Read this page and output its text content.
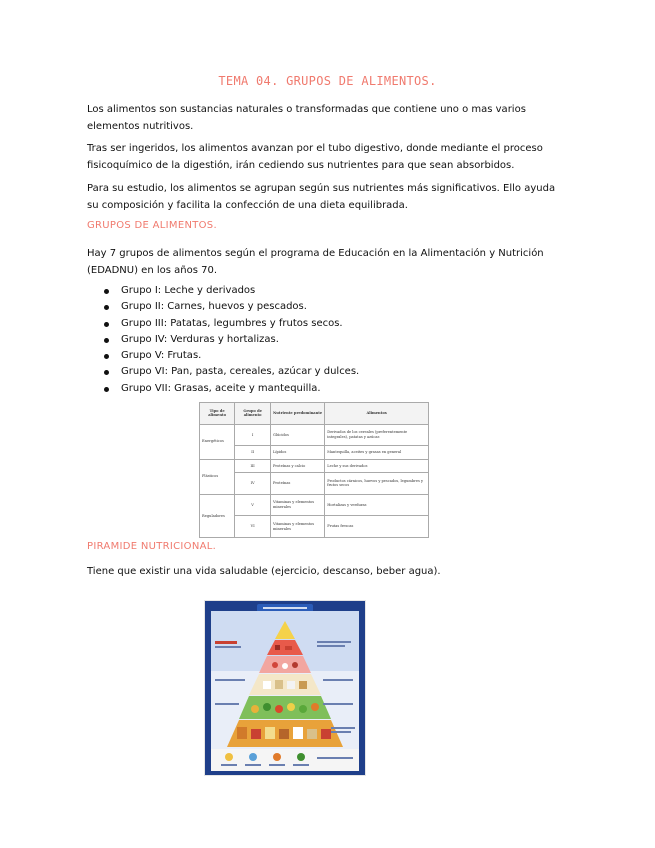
TEMA 04. GRUPOS DE ALIMENTOS.

Los alimentos son sustancias naturales o transformadas que contiene uno o mas varios elementos nutritivos.

Tras ser ingeridos, los alimentos avanzan por el tubo digestivo, donde mediante el proceso fisicoquímico de la digestión, irán cediendo sus nutrientes para que sean absorbidos.

Para su estudio, los alimentos se agrupan según sus nutrientes más significativos. Ello ayuda su composición y facilita la confección de una dieta equilibrada.

GRUPOS DE ALIMENTOS.

Hay 7 grupos de alimentos según el programa de Educación en la Alimentación y Nutrición (EDADNU) en los años 70.

Grupo I: Leche y derivados
Grupo II: Carnes, huevos y pescados.
Grupo III: Patatas, legumbres y frutos secos.
Grupo IV: Verduras y hortalizas.
Grupo V: Frutas.
Grupo VI: Pan, pasta, cereales, azúcar y dulces.
Grupo VII: Grasas, aceite y mantequilla.
Tipo de alimento	Grupo de alimento	Nutriente predominante	Alimentos
Energéticos	I	Glúcidos	Derivados de los cereales (preferentemente integrales), patatas y azúcar.
	II	Lípidos	Mantequilla, aceites y grasas en general
Plásticos	III	Proteínas y calcio	Leche y sus derivados
	IV	Proteínas	Productos cárnicos, huevos y pescados, legumbres y frutos secos
Reguladores	V	Vitaminas y elementos minerales	Hortalizas y verduras
	VI	Vitaminas y elementos minerales	Frutas frescas
PIRAMIDE NUTRICIONAL.

Tiene que existir una vida saludable (ejercicio, descanso, beber agua).
